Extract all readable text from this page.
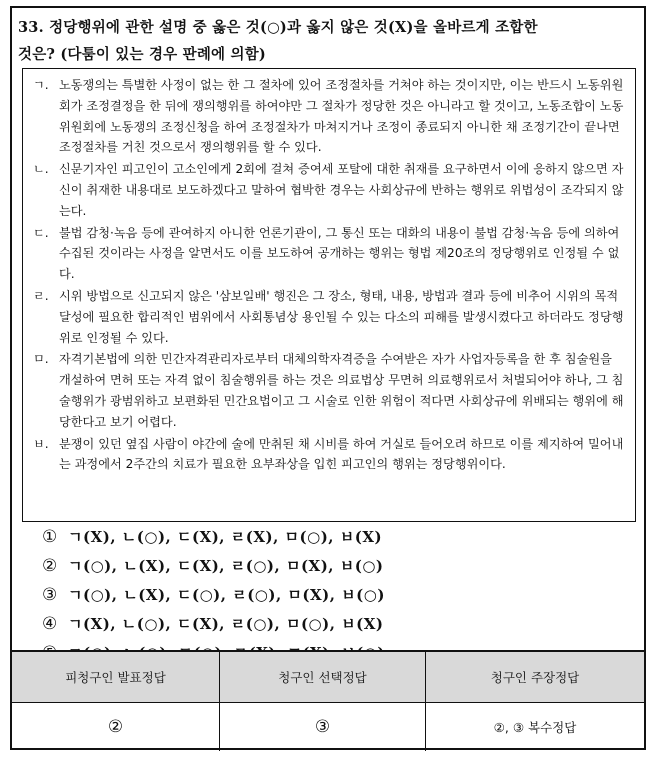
33. 정당행위에 관한 설명 중 옳은 것(○)과 옳지 않은 것(X)을 올바르게 조합한
것은? (다툼이 있는 경우 판례에 의함)
ㄱ. 노동쟁의는 특별한 사정이 없는 한 그 절차에 있어 조정절차를 거쳐야 하는 것이지만, 이는 반드시 노동위원회가 조정결정을 한 뒤에 쟁의행위를 하여야만 그 절차가 정당한 것은 아니라고 할 것이고, 노동조합이 노동위원회에 노동쟁의 조정신청을 하여 조정절차가 마쳐지거나 조정이 종료되지 아니한 채 조정기간이 끝나면 조정절차를 거친 것으로서 쟁의행위를 할 수 있다.
ㄴ. 신문기자인 피고인이 고소인에게 2회에 걸쳐 증여세 포탈에 대한 취재를 요구하면서 이에 응하지 않으면 자신이 취재한 내용대로 보도하겠다고 말하여 협박한 경우는 사회상규에 반하는 행위로 위법성이 조각되지 않는다.
ㄷ. 불법 감청·녹음 등에 관여하지 아니한 언론기관이, 그 통신 또는 대화의 내용이 불법 감청·녹음 등에 의하여 수집된 것이라는 사정을 알면서도 이를 보도하여 공개하는 행위는 형법 제20조의 정당행위로 인정될 수 없다.
ㄹ. 시위 방법으로 신고되지 않은 '삼보일배' 행진은 그 장소, 형태, 내용, 방법과 결과 등에 비추어 시위의 목적 달성에 필요한 합리적인 범위에서 사회통념상 용인될 수 있는 다소의 피해를 발생시켰다고 하더라도 정당행위로 인정될 수 있다.
ㅁ. 자격기본법에 의한 민간자격관리자로부터 대체의학자격증을 수여받은 자가 사업자등록을 한 후 침술원을 개설하여 면허 또는 자격 없이 침술행위를 하는 것은 의료법상 무면허 의료행위로서 처벌되어야 하나, 그 침술행위가 광범위하고 보편화된 민간요법이고 그 시술로 인한 위험이 적다면 사회상규에 위배되는 행위에 해당한다고 보기 어렵다.
ㅂ. 분쟁이 있던 옆집 사람이 야간에 술에 만취된 채 시비를 하여 거실로 들어오려 하므로 이를 제지하여 밀어내는 과정에서 2주간의 치료가 필요한 요부좌상을 입힌 피고인의 행위는 정당행위이다.
① ㄱ(X), ㄴ(○), ㄷ(X), ㄹ(X), ㅁ(○), ㅂ(X)
② ㄱ(○), ㄴ(X), ㄷ(X), ㄹ(○), ㅁ(X), ㅂ(○)
③ ㄱ(○), ㄴ(X), ㄷ(○), ㄹ(○), ㅁ(X), ㅂ(○)
④ ㄱ(X), ㄴ(○), ㄷ(X), ㄹ(○), ㅁ(○), ㅂ(X)
피청구인 발표정답	청구인 선택정답	청구인 주장정답
②	③	②, ③ 복수정답
